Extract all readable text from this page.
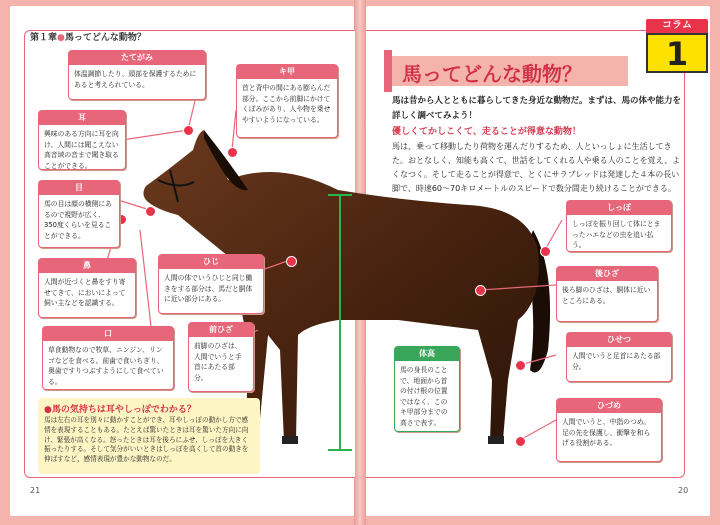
第１章●馬ってどんな動物？
コラム
1
馬ってどんな動物？
馬は昔から人とともに暮らしてきた身近な動物だ。まずは、馬の体や能力を詳しく調べてみよう！
優しくてかしこくて、走ることが得意な動物！
馬は、乗って移動したり荷物を運んだりするため、人といっしょに生活してきた。おとなしく、知能も高くて、世話をしてくれる人や乗る人のことを覚え、よくなつく。そして走ることが得意で、とくにサラブレッドは発達した４本の長い脚で、時速60～70キロメートルのスピードで数分間走り続けることができる。
たてがみ
体温調節したり、頭部を保護するためにあると考えられている。
キ甲
首と背中の間にある膨らんだ部分。ここから前脚にかけてくぼみがあり、人や物を乗せやすいようになっている。
耳
興味のある方向に耳を向け、人間には聞こえない高音域の音まで聞き取ることができる。
目
馬の目は顔の横側にあるので視野が広く、350度くらいを見ることができる。
鼻
人間が近づくと鼻をすり寄せてきて、においによって飼い主などを認識する。
ひじ
人間の体でいうひじと同じ働きをする部分は、馬だと胴体に近い部分にある。
口
草食動物なので牧草、ニンジン、リンゴなどを食べる。前歯で食いちぎり、奥歯ですりつぶすようにして食べている。
前ひざ
前脚のひざは、人間でいうと手首にあたる部分。
体高
馬の身長のことで、地面から首の付け根の位置ではなく、このキ甲部分までの高さで表す。
しっぽ
しっぽを振り回して体にとまったハエなどの虫を追い払う。
後ひざ
後ろ脚のひざは、胴体に近いところにある。
ひせつ
人間でいうと足首にあたる部分。
ひづめ
人間でいうと、中指のつめ。足の先を保護し、衝撃を和らげる役割がある。
●馬の気持ちは耳やしっぽでわかる？
馬は左右の耳を別々に動かすことができ、耳やしっぽの動かし方で感情を表現することもある。たとえば驚いたときは耳を驚いた方向に向け、緊張が高くなる。怒ったときは耳を後ろにふせ、しっぽを大きく振ったりする。そして気分がいいときはしっぽを高くして首の動きを伸ばすなど、感情表現が豊かな動物なのだ。
21	20
